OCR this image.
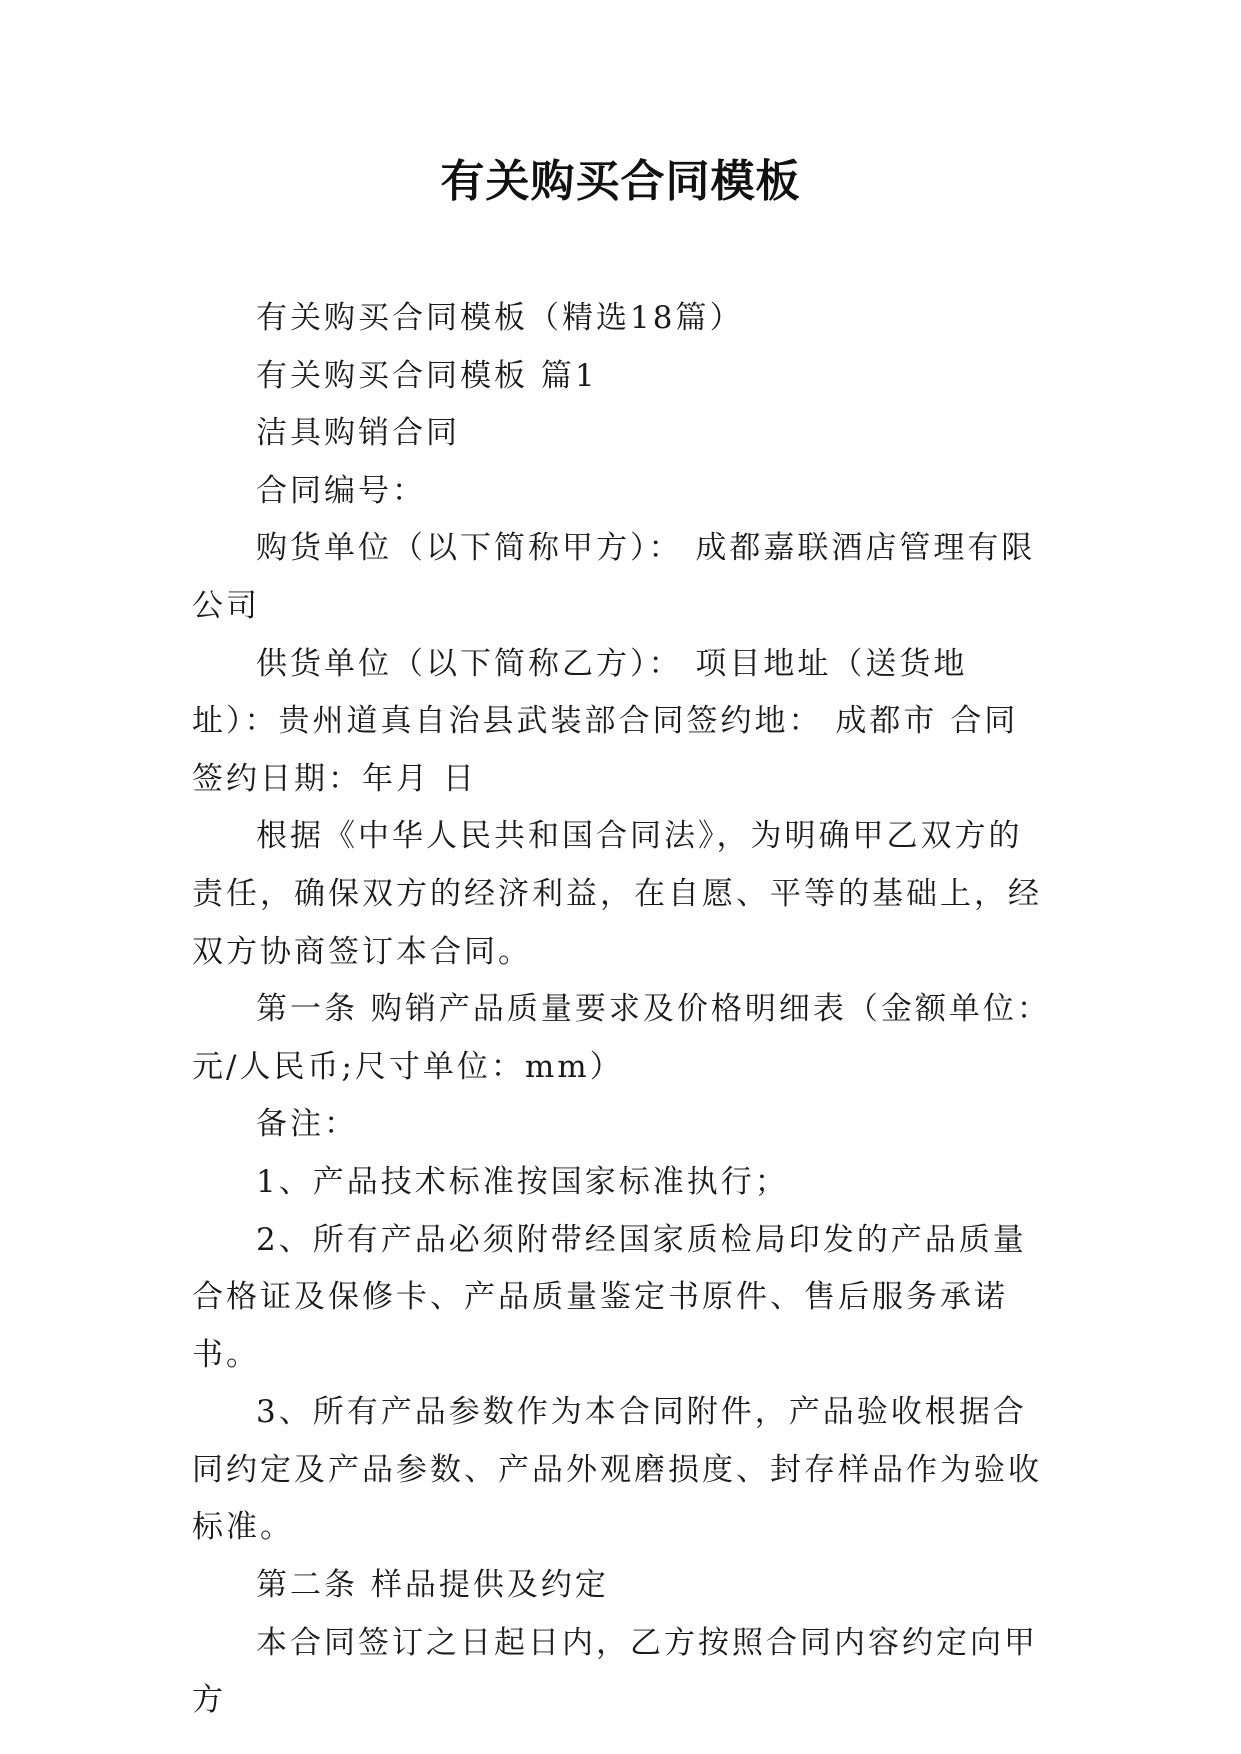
有关购买合同模板

有关购买合同模板（精选18篇）

有关购买合同模板 篇1

洁具购销合同

合同编号：

购货单位（以下简称甲方）： 成都嘉联酒店管理有限公司

供货单位（以下简称乙方）： 项目地址（送货地址）：贵州道真自治县武装部合同签约地： 成都市 合同签约日期：年月 日

根据《中华人民共和国合同法》，为明确甲乙双方的责任，确保双方的经济利益，在自愿、平等的基础上，经双方协商签订本合同。

第一条 购销产品质量要求及价格明细表（金额单位：元/人民币;尺寸单位：mm）

备注：

1、产品技术标准按国家标准执行；

2、所有产品必须附带经国家质检局印发的产品质量合格证及保修卡、产品质量鉴定书原件、售后服务承诺书。

3、所有产品参数作为本合同附件，产品验收根据合同约定及产品参数、产品外观磨损度、封存样品作为验收标准。

第二条 样品提供及约定

本合同签订之日起日内，乙方按照合同内容约定向甲方
